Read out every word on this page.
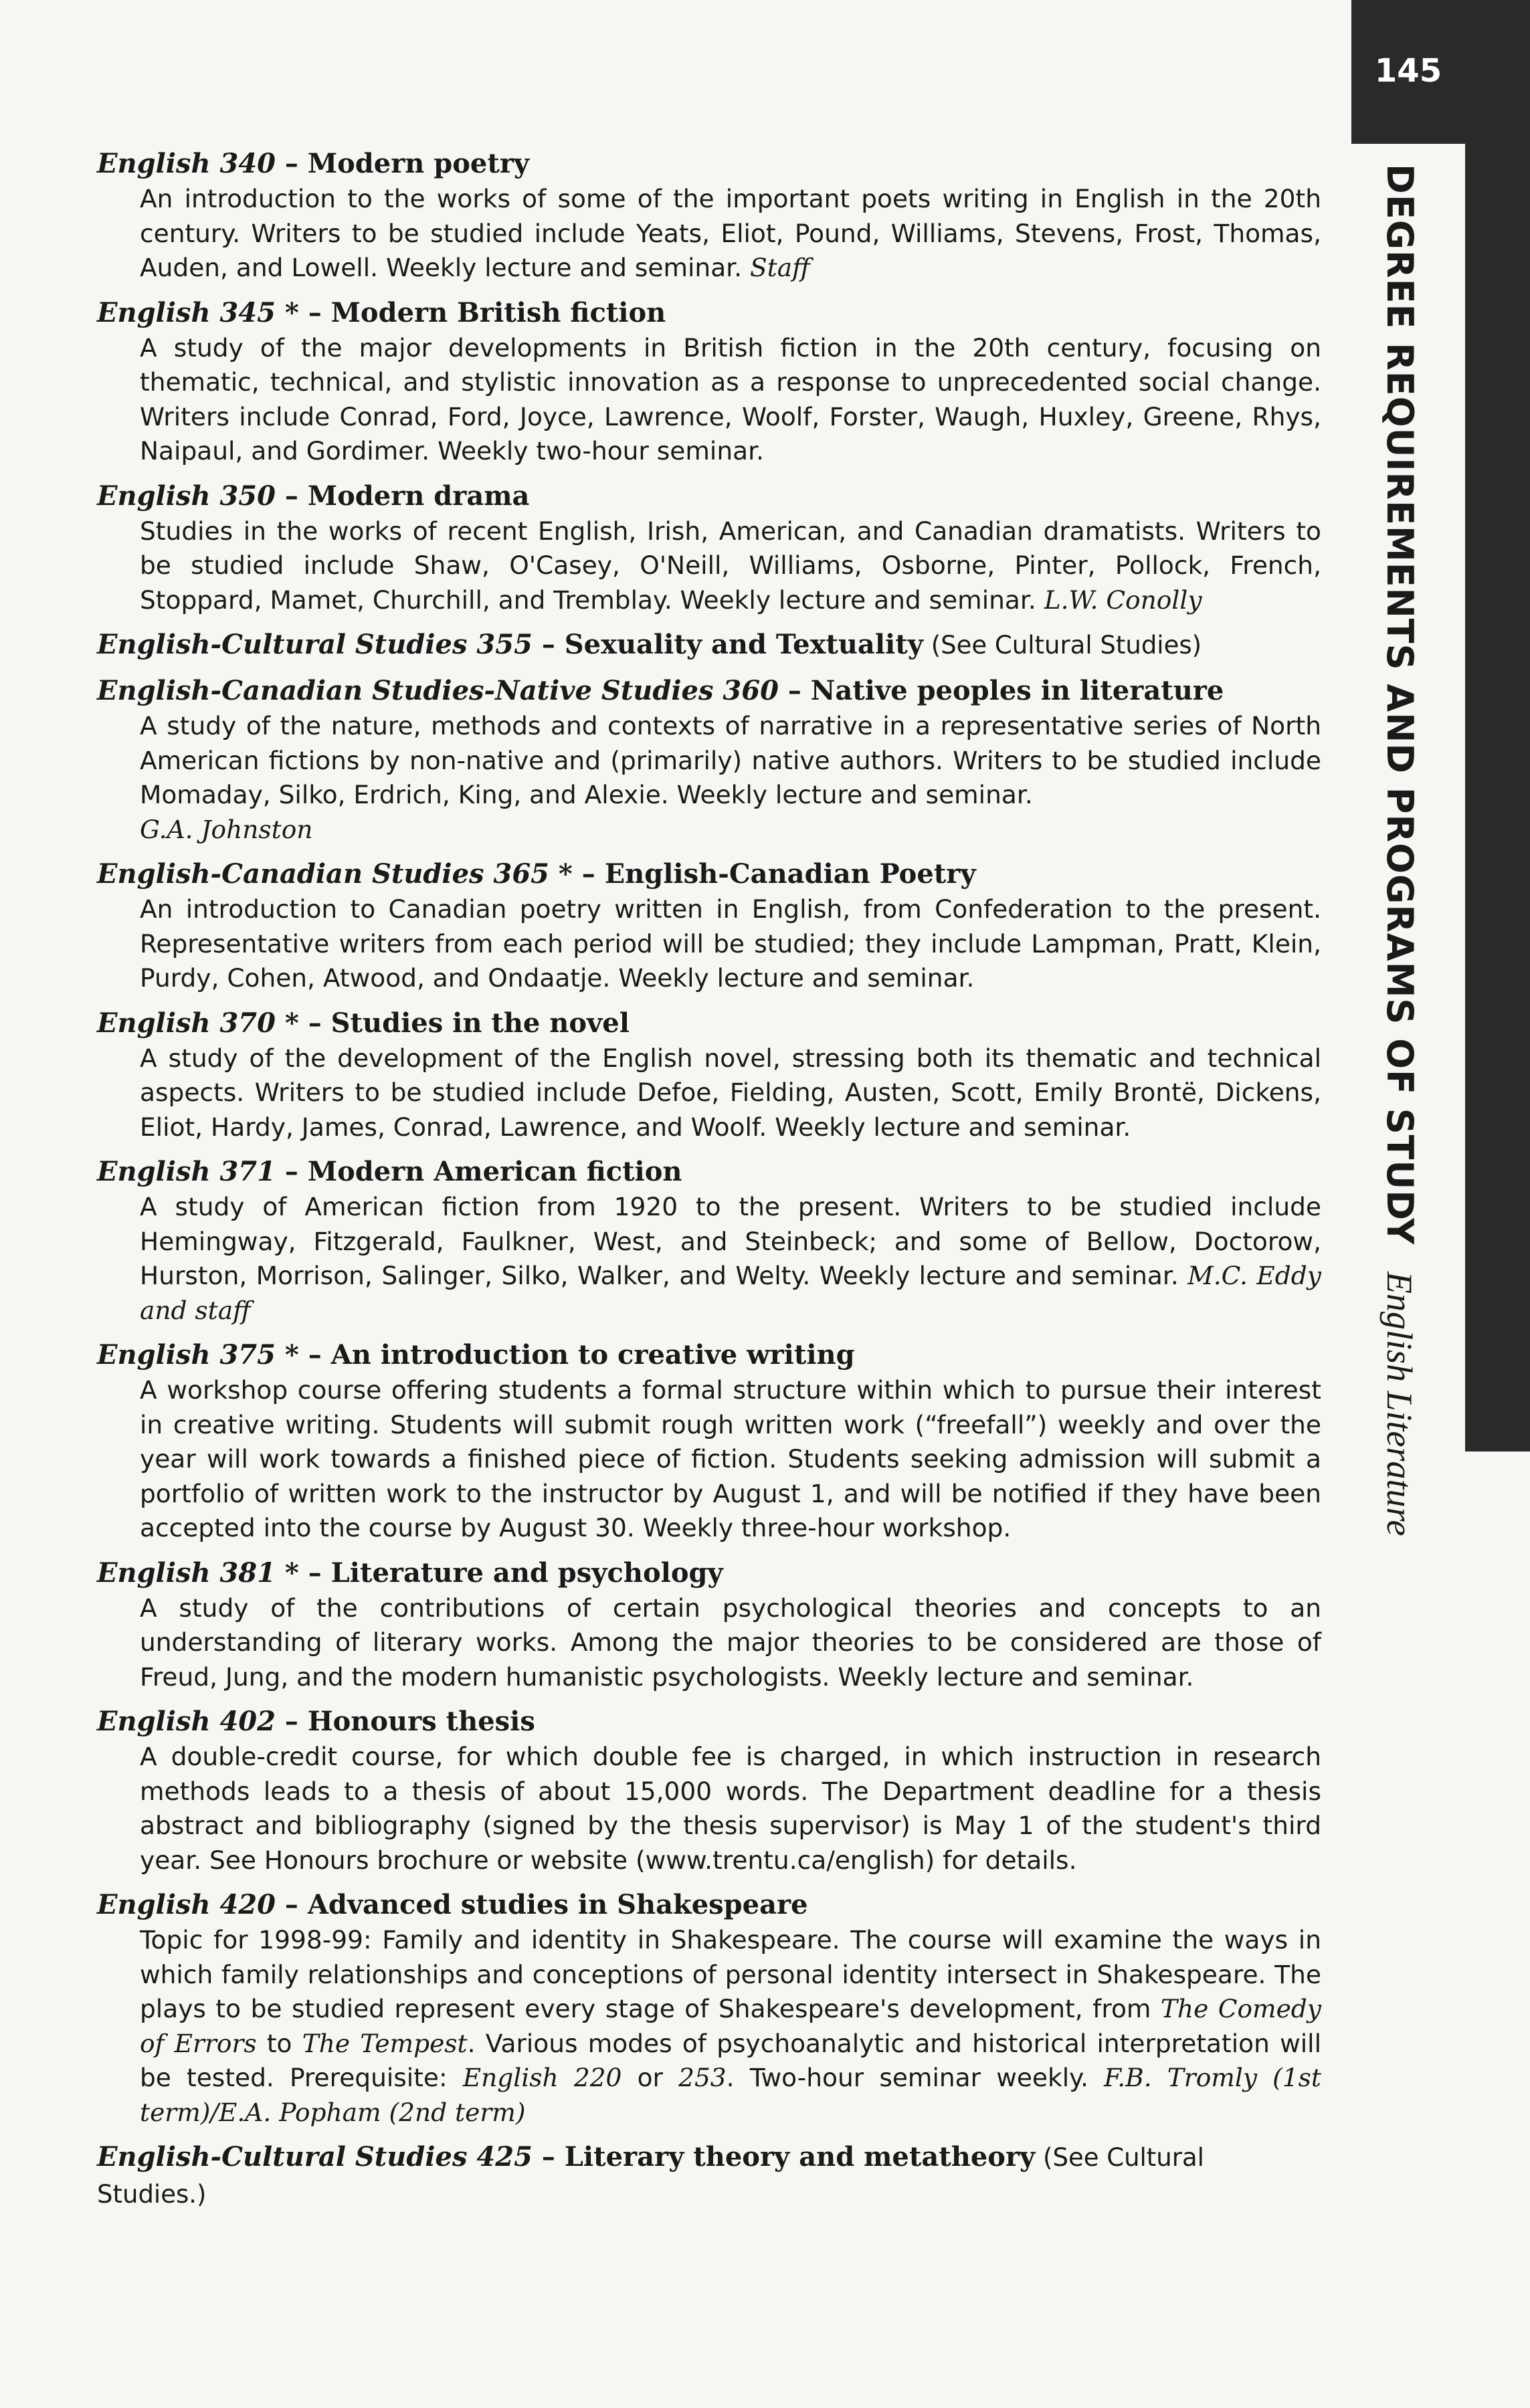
145
DEGREE REQUIREMENTS AND PROGRAMS OF STUDYEnglish Literature
English 340 – Modern poetry
An introduction to the works of some of the important poets writing in English in the 20th century. Writers to be studied include Yeats, Eliot, Pound, Williams, Stevens, Frost, Thomas, Auden, and Lowell. Weekly lecture and seminar. Staff
English 345 * – Modern British fiction
A study of the major developments in British fiction in the 20th century, focusing on thematic, technical, and stylistic innovation as a response to unprecedented social change. Writers include Conrad, Ford, Joyce, Lawrence, Woolf, Forster, Waugh, Huxley, Greene, Rhys, Naipaul, and Gordimer. Weekly two-hour seminar.
English 350 – Modern drama
Studies in the works of recent English, Irish, American, and Canadian dramatists. Writers to be studied include Shaw, O'Casey, O'Neill, Williams, Osborne, Pinter, Pollock, French, Stoppard, Mamet, Churchill, and Tremblay. Weekly lecture and seminar. L.W. Conolly
English-Cultural Studies 355 – Sexuality and Textuality (See Cultural Studies)
English-Canadian Studies-Native Studies 360 – Native peoples in literature
A study of the nature, methods and contexts of narrative in a representative series of North American fictions by non-native and (primarily) native authors. Writers to be studied include Momaday, Silko, Erdrich, King, and Alexie. Weekly lecture and seminar.
G.A. Johnston
English-Canadian Studies 365 * – English-Canadian Poetry
An introduction to Canadian poetry written in English, from Confederation to the present. Representative writers from each period will be studied; they include Lampman, Pratt, Klein, Purdy, Cohen, Atwood, and Ondaatje. Weekly lecture and seminar.
English 370 * – Studies in the novel
A study of the development of the English novel, stressing both its thematic and technical aspects. Writers to be studied include Defoe, Fielding, Austen, Scott, Emily Brontë, Dickens, Eliot, Hardy, James, Conrad, Lawrence, and Woolf. Weekly lecture and seminar.
English 371 – Modern American fiction
A study of American fiction from 1920 to the present. Writers to be studied include Hemingway, Fitzgerald, Faulkner, West, and Steinbeck; and some of Bellow, Doctorow, Hurston, Morrison, Salinger, Silko, Walker, and Welty. Weekly lecture and seminar. M.C. Eddy and staff
English 375 * – An introduction to creative writing
A workshop course offering students a formal structure within which to pursue their interest in creative writing. Students will submit rough written work (“freefall”) weekly and over the year will work towards a finished piece of fiction. Students seeking admission will submit a portfolio of written work to the instructor by August 1, and will be notified if they have been accepted into the course by August 30. Weekly three-hour workshop.
English 381 * – Literature and psychology
A study of the contributions of certain psychological theories and concepts to an understanding of literary works. Among the major theories to be considered are those of Freud, Jung, and the modern humanistic psychologists. Weekly lecture and seminar.
English 402 – Honours thesis
A double-credit course, for which double fee is charged, in which instruction in research methods leads to a thesis of about 15,000 words. The Department deadline for a thesis abstract and bibliography (signed by the thesis supervisor) is May 1 of the student's third year. See Honours brochure or website (www.trentu.ca/english) for details.
English 420 – Advanced studies in Shakespeare
Topic for 1998-99: Family and identity in Shakespeare. The course will examine the ways in which family relationships and conceptions of personal identity intersect in Shakespeare. The plays to be studied represent every stage of Shakespeare's development, from The Comedy of Errors to The Tempest. Various modes of psychoanalytic and historical interpretation will be tested. Prerequisite: English 220 or 253. Two-hour seminar weekly. F.B. Tromly (1st term)/E.A. Popham (2nd term)
English-Cultural Studies 425 – Literary theory and metatheory (See Cultural Studies.)
